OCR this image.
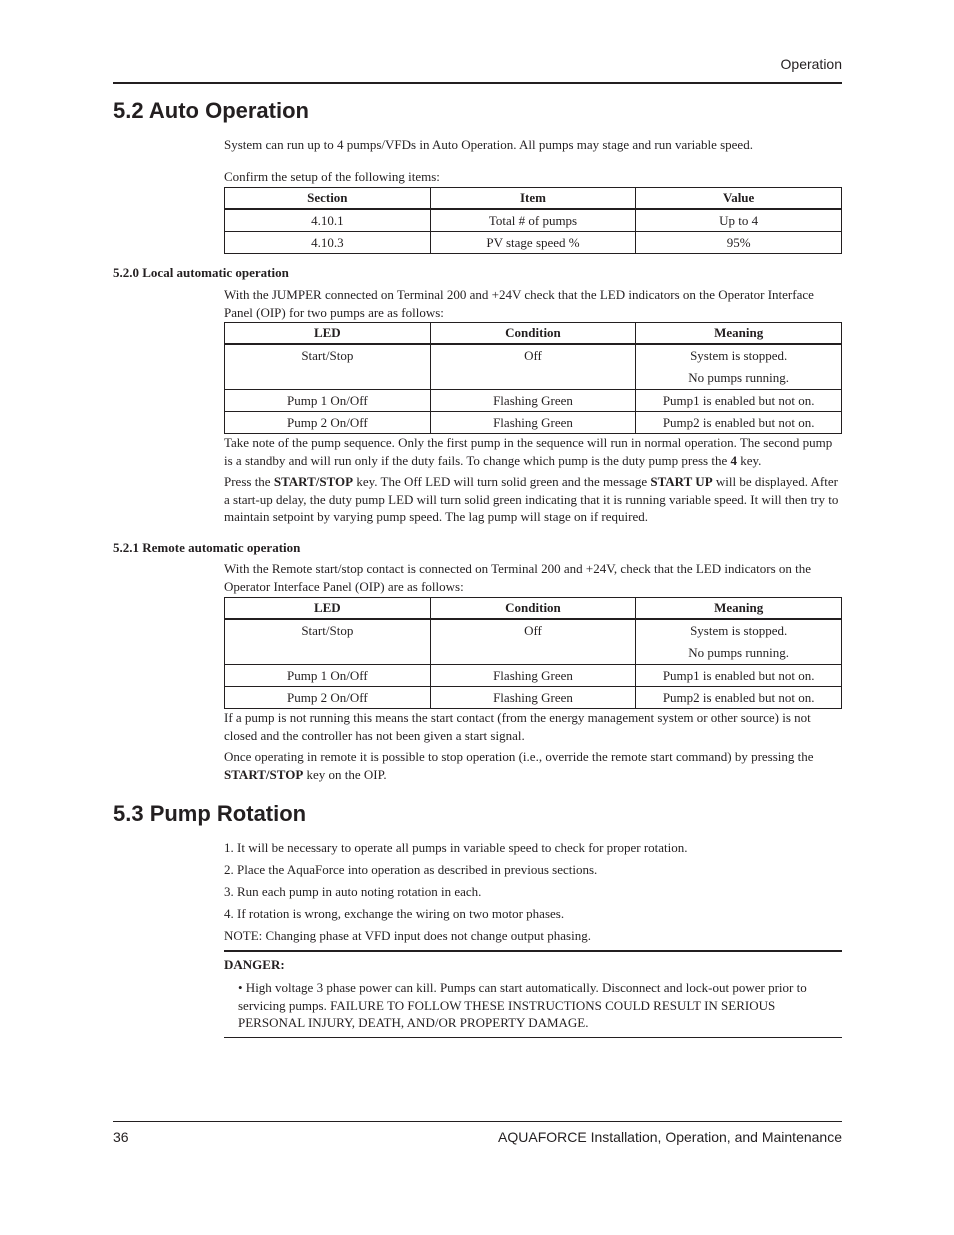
Operation
5.2 Auto Operation

System can run up to 4 pumps/VFDs in Auto Operation. All pumps may stage and run variable speed.

Confirm the setup of the following items:
Section	Item	Value
4.10.1	Total # of pumps	Up to 4
4.10.3	PV stage speed %	95%
5.2.0 Local automatic operation
With the JUMPER connected on Terminal 200 and +24V check that the LED indicators on the Operator Interface Panel (OIP) for two pumps are as follows:
LED	Condition	Meaning
Start/Stop	Off	System is stopped.
No pumps running.

Pump 1 On/Off	Flashing Green	Pump1 is enabled but not on.
Pump 2 On/Off	Flashing Green	Pump2 is enabled but not on.

Take note of the pump sequence. Only the first pump in the sequence will run in normal operation. The second pump is a standby and will run only if the duty fails. To change which pump is the duty pump press the 4 key.

Press the START/STOP key. The Off LED will turn solid green and the message START UP will be displayed. After a start-up delay, the duty pump LED will turn solid green indicating that it is running variable speed. It will then try to maintain setpoint by varying pump speed. The lag pump will stage on if required.

5.2.1 Remote automatic operation
With the Remote start/stop contact is connected on Terminal 200 and +24V, check that the LED indicators on the Operator Interface Panel (OIP) are as follows:
LED	Condition	Meaning
Start/Stop	Off	System is stopped.
No pumps running.

Pump 1 On/Off	Flashing Green	Pump1 is enabled but not on.
Pump 2 On/Off	Flashing Green	Pump2 is enabled but not on.
If a pump is not running this means the start contact (from the energy management system or other source) is not closed and the controller has not been given a start signal.

Once operating in remote it is possible to stop operation (i.e., override the remote start command) by pressing the START/STOP key on the OIP.

5.3 Pump Rotation
1. It will be necessary to operate all pumps in variable speed to check for proper rotation.
2. Place the AquaForce into operation as described in previous sections.
3. Run each pump in auto noting rotation in each.
4. If rotation is wrong, exchange the wiring on two motor phases.
NOTE: Changing phase at VFD input does not change output phasing.
DANGER:
• High voltage 3 phase power can kill. Pumps can start automatically. Disconnect and lock-out power prior to servicing pumps. FAILURE TO FOLLOW THESE INSTRUCTIONS COULD RESULT IN SERIOUS PERSONAL INJURY, DEATH, AND/OR PROPERTY DAMAGE.
36	AQUAFORCE Installation, Operation, and Maintenance
